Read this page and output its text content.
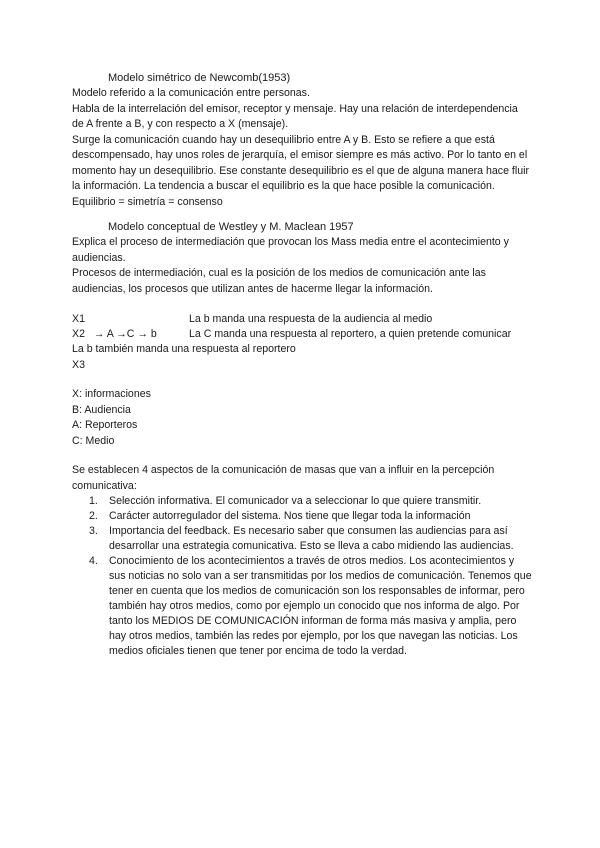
Modelo simétrico de Newcomb(1953)

Modelo referido a la comunicación entre personas.

Habla de la interrelación del emisor, receptor y mensaje. Hay una relación de interdependencia de A frente a B, y con respecto a X (mensaje).

Surge la comunicación cuando hay un desequilibrio entre A y B. Esto se refiere a que está descompensado, hay unos roles de jerarquía, el emisor siempre es más activo. Por lo tanto en el momento hay un desequilibrio. Ese constante desequilibrio es el que de alguna manera hace fluir la información. La tendencia a buscar el equilibrio es la que hace posible la comunicación.

Equilibrio = simetría = consenso

Modelo conceptual de Westley y M. Maclean 1957

Explica el proceso de intermediación que provocan los Mass media entre el acontecimiento y audiencias.

Procesos de intermediación, cual es la posición de los medios de comunicación ante las audiencias, los procesos que utilizan antes de hacerme llegar la información.

X1	La b manda una respuesta de la audiencia al medio
X2   → A →C → b	La C manda una respuesta al reportero, a quien pretende comunicar

La b también manda una respuesta al reportero

X3

X: informaciones

B: Audiencia

A: Reporteros

C: Medio

Se establecen 4 aspectos de la comunicación de masas que van a influir en la percepción comunicativa:

1. Selección informativa. El comunicador va a seleccionar lo que quiere transmitir.
2. Carácter autorregulador del sistema. Nos tiene que llegar toda la información
3. Importancia del feedback. Es necesario saber que consumen las audiencias para así desarrollar una estrategia comunicativa. Esto se lleva a cabo midiendo las audiencias.
4. Conocimiento de los acontecimientos a través de otros medios. Los acontecimientos y sus noticias no solo van a ser transmitidas por los medios de comunicación. Tenemos que tener en cuenta que los medios de comunicación son los responsables de informar, pero también hay otros medios, como por ejemplo un conocido que nos informa de algo. Por tanto los MEDIOS DE COMUNICACIÓN informan de forma más masiva y amplia, pero hay otros medios, también las redes por ejemplo, por los que navegan las noticias. Los medios oficiales tienen que tener por encima de todo la verdad.
